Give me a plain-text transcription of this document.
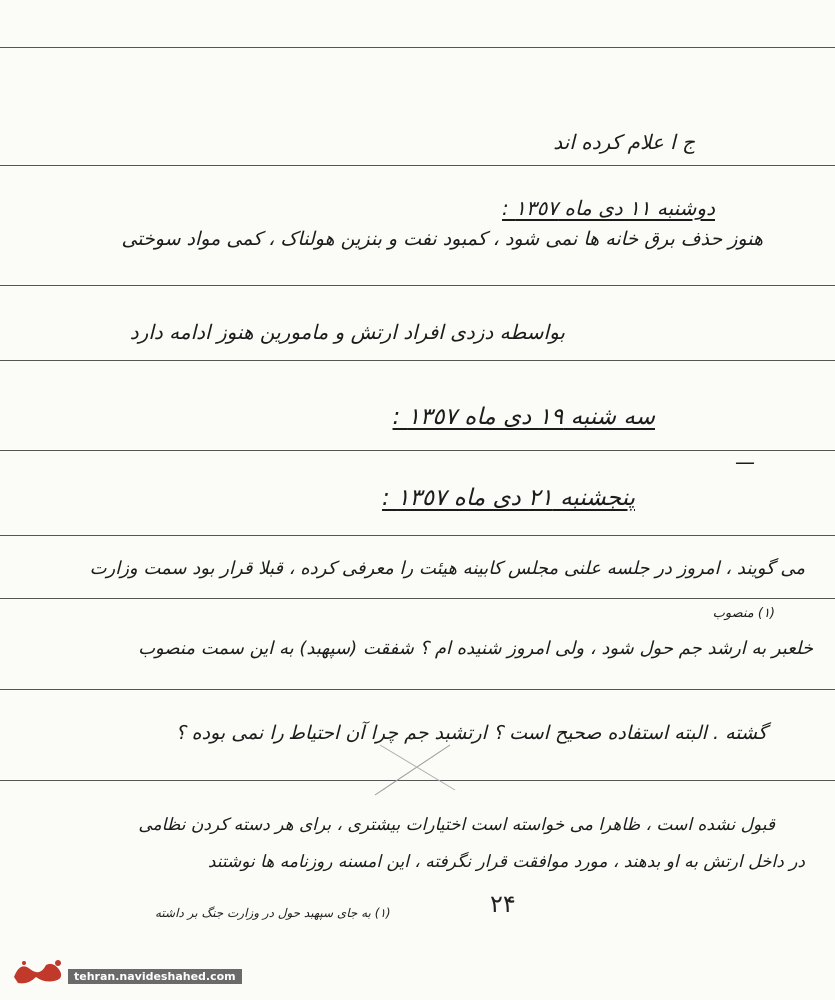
ﺝ ﺍ ﻋﻼﻡ ﮐﺮﺩﻩ ﺍﻧﺪ
ﺩﻭﺷﻨﺒﻪ ١١ ﺩﯼ ﻣﺎﻩ ١٣٥٧ :
ﻫﻨﻮﺯ ﺣﺬﻑ ﺑﺮﻕ ﺧﺎﻧﻪ ﻫﺎ ﻧﻤﯽ ﺷﻮﺩ ، ﮐﻤﺒﻮﺩ ﻧﻔﺖ ﻭ ﺑﻨﺰﯾﻦ ﻫﻮﻟﻨﺎﮎ ، ﮐﻤﯽ ﻣﻮﺍﺩ ﺳﻮﺧﺘﯽ
ﺑﻮﺍﺳﻄﻪ ﺩﺯﺩﯼ ﺍﻓﺮﺍﺩ ﺍﺭﺗﺶ ﻭ ﻣﺎﻣﻮﺭﯾﻦ ﻫﻨﻮﺯ ﺍﺩﺍﻣﻪ ﺩﺍﺭﺩ
ﺳﻪ ﺷﻨﺒﻪ ١٩ ﺩﯼ ﻣﺎﻩ ١٣٥٧ :
—
ﭘﻨﺠﺸﻨﺒﻪ ٢١ ﺩﯼ ﻣﺎﻩ ١٣٥٧ :
ﻣﯽ ﮔﻮﯾﻨﺪ ، ﺍﻣﺮﻭﺯ ﺩﺭ ﺟﻠﺴﻪ ﻋﻠﻨﯽ ﻣﺠﻠﺲ ﮐﺎﺑﯿﻨﻪ ﻫﯿﺌﺖ ﺭﺍ ﻣﻌﺮﻓﯽ ﮐﺮﺩﻩ ، ﻗﺒﻼ ﻗﺮﺍﺭ ﺑﻮﺩ ﺳﻤﺖ ﻭﺯﺍﺭﺕ
(١) ﻣﻨﺼﻮﺏ
ﺧﻠﻌﺒﺮ ﺑﻪ ﺍﺭﺷﺪ ﺟﻢ ﺣﻮﻝ ﺷﻮﺩ ، ﻭﻟﯽ ﺍﻣﺮﻭﺯ ﺷﻨﯿﺪﻩ ﺍﻡ ؟ ﺷﻔﻘﺖ (ﺳﭙﻬﺒﺪ) ﺑﻪ ﺍﯾﻦ ﺳﻤﺖ ﻣﻨﺼﻮﺏ
ﮔﺸﺘﻪ . ﺍﻟﺒﺘﻪ ﺍﺳﺘﻔﺎﺩﻩ ﺻﺤﯿﺢ ﺍﺳﺖ ؟ ﺍﺭﺗﺸﺒﺪ ﺟﻢ ﭼﺮﺍ ﺁﻥ ﺍﺣﺘﯿﺎﻃ ﺭﺍ ﻧﻤﯽ ﺑﻮﺩﻩ ؟
ﻗﺒﻮﻝ ﻧﺸﺪﻩ ﺍﺳﺖ ، ﻇﺎﻫﺮﺍ ﻣﯽ ﺧﻮﺍﺳﺘﻪ ﺍﺳﺖ ﺍﺧﺘﯿﺎﺭﺍﺕ ﺑﯿﺸﺘﺮﯼ ، ﺑﺮﺍﯼ ﻫﺮ ﺩﺳﺘﻪ ﮐﺮﺩﻥ ﻧﻈﺎﻣﯽ
ﺩﺭ ﺩﺍﺧﻞ ﺍﺭﺗﺶ ﺑﻪ ﺍﻭ ﺑﺪﻫﻨﺪ ، ﻣﻮﺭﺩ ﻣﻮﺍﻓﻘﺖ ﻗﺮﺍﺭ ﻧﮕﺮﻓﺘﻪ ، ﺍﯾﻦ ﺍﻣﺴﻨﻪ ﺭﻭﺯﻧﺎﻣﻪ ﻫﺎ ﻧﻮﺷﺘﻨﺪ
٢۴
(١) ﺑﻪ ﺟﺎﯼ ﺳﭙﻬﺒﺪ ﺣﻮﻝ ﺩﺭ ﻭﺯﺍﺭﺕ ﺟﻨﮓ ﺑﺮ ﺩﺍﺷﺘﻪ
tehran.navideshahed.com
